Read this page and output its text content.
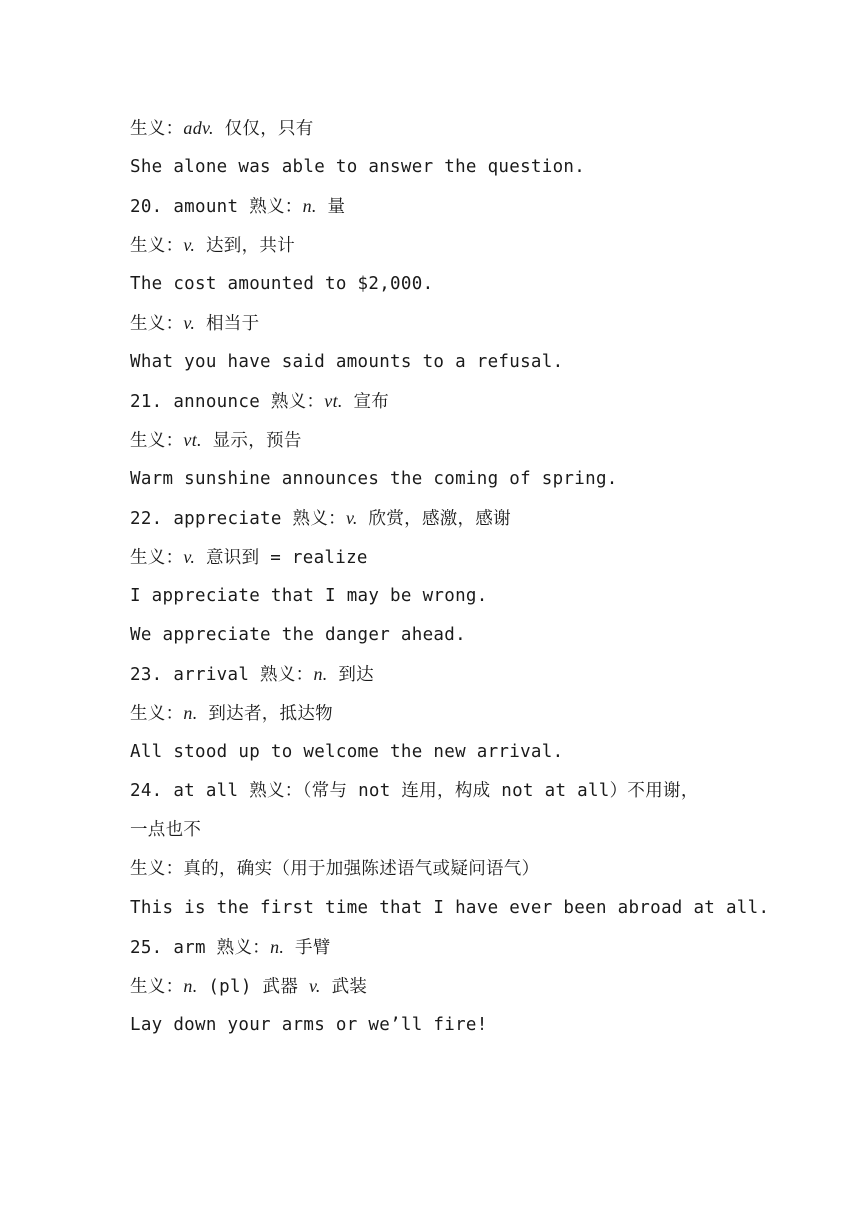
生义：adv. 仅仅，只有
She alone was able to answer the question.
20. amount 熟义：n. 量
生义：v. 达到，共计
The cost amounted to $2,000.
生义：v. 相当于
What you have said amounts to a refusal.
21. announce 熟义：vt. 宣布
生义：vt. 显示，预告
Warm sunshine announces the coming of spring.
22. appreciate 熟义：v. 欣赏，感激，感谢
生义：v. 意识到 = realize
I appreciate that I may be wrong.
We appreciate the danger ahead.
23. arrival 熟义：n. 到达
生义：n. 到达者，抵达物
All stood up to welcome the new arrival.
24. at all 熟义：（常与 not 连用，构成 not at all）不用谢，
一点也不
生义：真的，确实（用于加强陈述语气或疑问语气）
This is the first time that I have ever been abroad at all.
25. arm 熟义：n. 手臂
生义：n. (pl) 武器 v. 武装
Lay down your arms or we’ll fire!
